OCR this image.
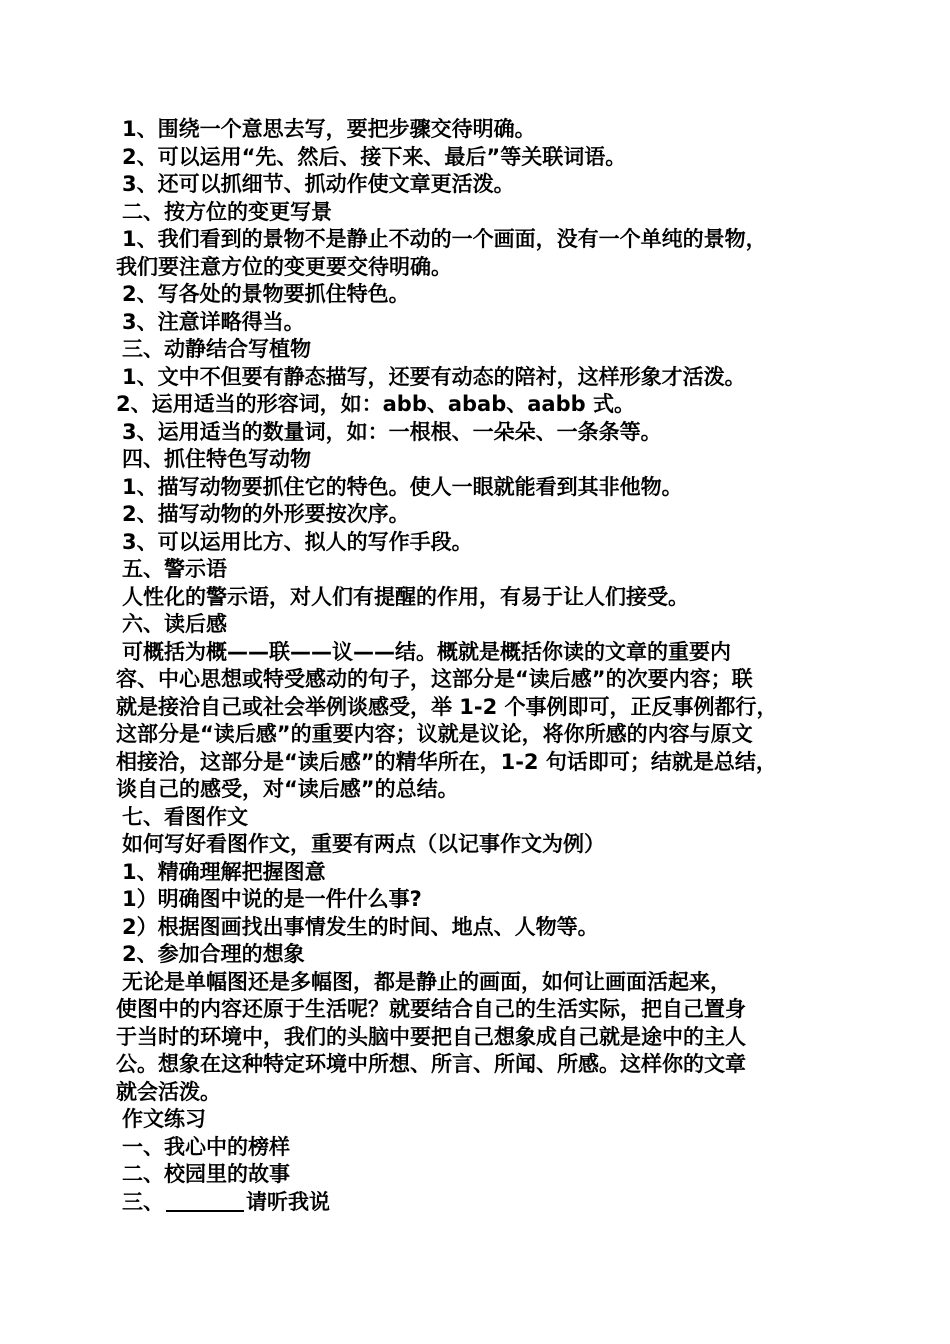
1、围绕一个意思去写，要把步骤交待明确。
2、可以运用“先、然后、接下来、最后”等关联词语。
3、还可以抓细节、抓动作使文章更活泼。
二、按方位的变更写景
1、我们看到的景物不是静止不动的一个画面，没有一个单纯的景物，
我们要注意方位的变更要交待明确。
2、写各处的景物要抓住特色。
3、注意详略得当。
三、动静结合写植物
1、文中不但要有静态描写，还要有动态的陪衬，这样形象才活泼。
2、运用适当的形容词，如：abb、abab、aabb 式。
3、运用适当的数量词，如：一根根、一朵朵、一条条等。
四、抓住特色写动物
1、描写动物要抓住它的特色。使人一眼就能看到其非他物。
2、描写动物的外形要按次序。
3、可以运用比方、拟人的写作手段。
五、警示语
人性化的警示语，对人们有提醒的作用，有易于让人们接受。
六、读后感
可概括为概——联——议——结。概就是概括你读的文章的重要内
容、中心思想或特受感动的句子，这部分是“读后感”的次要内容；联
就是接洽自己或社会举例谈感受，举 1-2 个事例即可，正反事例都行，
这部分是“读后感”的重要内容；议就是议论，将你所感的内容与原文
相接洽，这部分是“读后感”的精华所在，1-2 句话即可；结就是总结，
谈自己的感受，对“读后感”的总结。
七、看图作文
如何写好看图作文，重要有两点（以记事作文为例）
1、精确理解把握图意
1）明确图中说的是一件什么事?
2）根据图画找出事情发生的时间、地点、人物等。
2、参加合理的想象
无论是单幅图还是多幅图，都是静止的画面，如何让画面活起来，
使图中的内容还原于生活呢？就要结合自己的生活实际，把自己置身
于当时的环境中，我们的头脑中要把自己想象成自己就是途中的主人
公。想象在这种特定环境中所想、所言、所闻、所感。这样你的文章
就会活泼。
作文练习
一、我心中的榜样
二、校园里的故事
三、	请听我说
